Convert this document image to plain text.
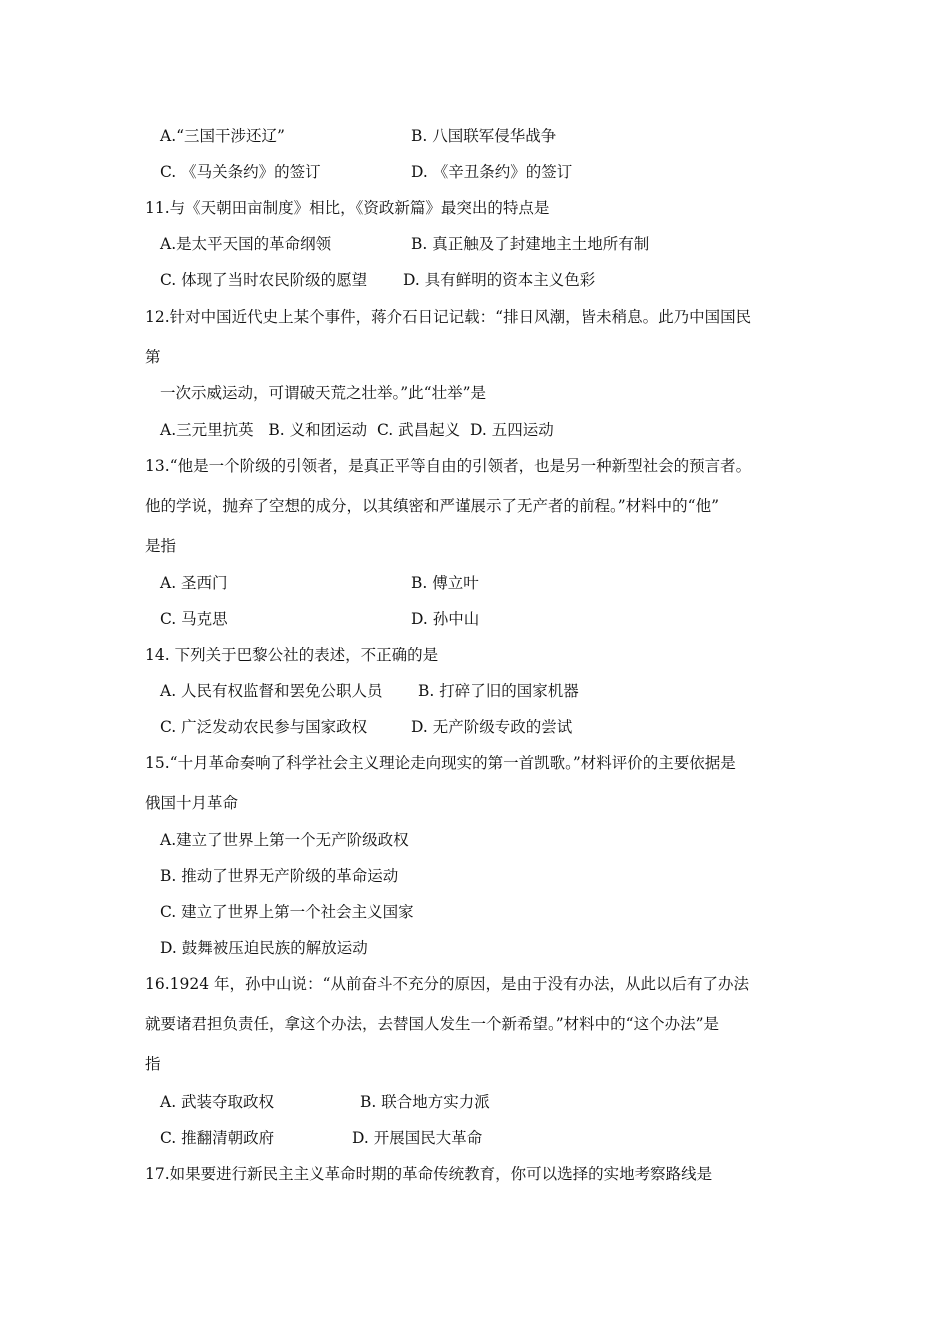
A.“三国干涉还辽”	B. 八国联军侵华战争
C. 《马关条约》的签订	D. 《辛丑条约》的签订
11.与《天朝田亩制度》相比，《资政新篇》最突出的特点是
A.是太平天国的革命纲领	B. 真正触及了封建地主土地所有制
C. 体现了当时农民阶级的愿望 D. 具有鲜明的资本主义色彩
12.针对中国近代史上某个事件，蒋介石日记记载：“排日风潮，皆未稍息。此乃中国国民
第
一次示威运动，可谓破天荒之壮举。”此“壮举”是
A.三元里抗英   B. 义和团运动  C. 武昌起义  D. 五四运动
13.“他是一个阶级的引领者，是真正平等自由的引领者，也是另一种新型社会的预言者。
他的学说，抛弃了空想的成分，以其缜密和严谨展示了无产者的前程。”材料中的“他”
是指
A. 圣西门	B. 傅立叶
C. 马克思	D. 孙中山
14. 下列关于巴黎公社的表述，不正确的是
A. 人民有权监督和罢免公职人员 B. 打碎了旧的国家机器
C. 广泛发动农民参与国家政权	D. 无产阶级专政的尝试
15.“十月革命奏响了科学社会主义理论走向现实的第一首凯歌。”材料评价的主要依据是
俄国十月革命
A.建立了世界上第一个无产阶级政权
B. 推动了世界无产阶级的革命运动
C. 建立了世界上第一个社会主义国家
D. 鼓舞被压迫民族的解放运动
16.1924 年，孙中山说：“从前奋斗不充分的原因，是由于没有办法，从此以后有了办法
就要诸君担负责任，拿这个办法，去替国人发生一个新希望。”材料中的“这个办法”是
指
A. 武装夺取政权	B. 联合地方实力派
C. 推翻清朝政府	D. 开展国民大革命
17.如果要进行新民主主义革命时期的革命传统教育，你可以选择的实地考察路线是
